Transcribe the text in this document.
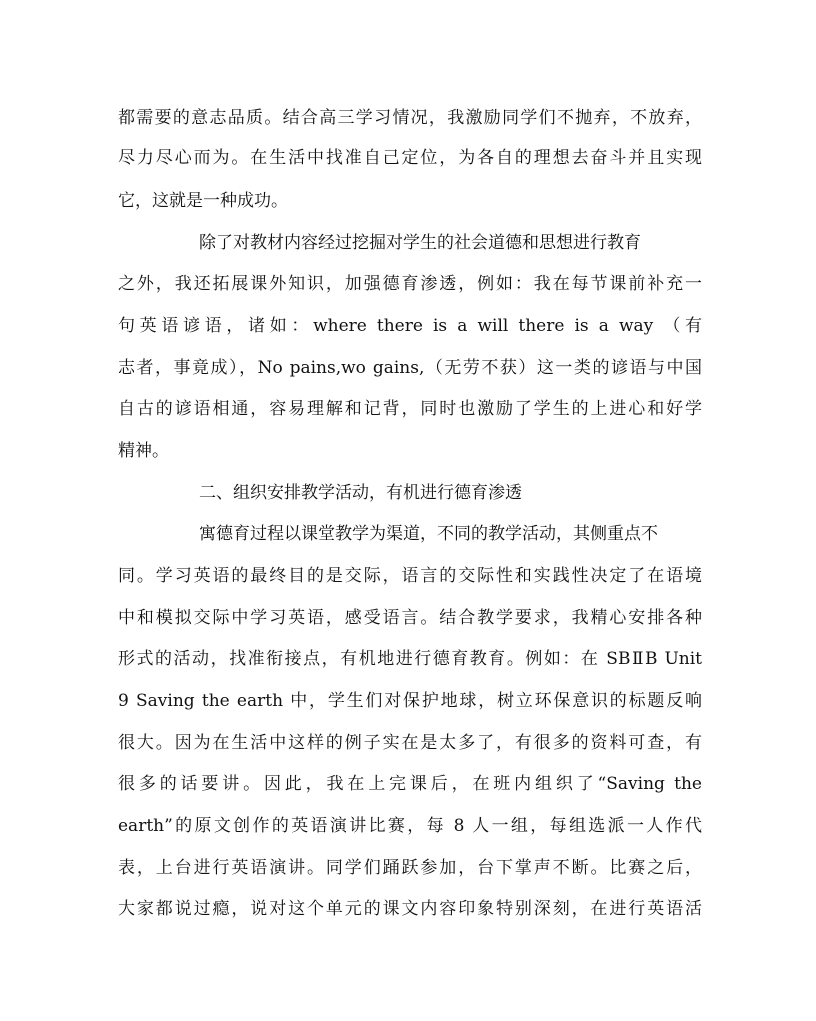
都需要的意志品质。结合高三学习情况，我激励同学们不抛弃，不放弃，
尽力尽心而为。在生活中找准自己定位，为各自的理想去奋斗并且实现
它，这就是一种成功。
除了对教材内容经过挖掘对学生的社会道德和思想进行教育
之外，我还拓展课外知识，加强德育渗透，例如：我在每节课前补充一
句英语谚语，诸如：where there is a will there is a way （有
志者，事竟成），No pains,wo gains,（无劳不获）这一类的谚语与中国
自古的谚语相通，容易理解和记背，同时也激励了学生的上进心和好学
精神。
二、组织安排教学活动，有机进行德育渗透
寓德育过程以课堂教学为渠道，不同的教学活动，其侧重点不
同。学习英语的最终目的是交际，语言的交际性和实践性决定了在语境
中和模拟交际中学习英语，感受语言。结合教学要求，我精心安排各种
形式的活动，找准衔接点，有机地进行德育教育。例如：在 SBⅡB Unit
9 Saving the earth 中，学生们对保护地球，树立环保意识的标题反响
很大。因为在生活中这样的例子实在是太多了，有很多的资料可查，有
很多的话要讲。因此，我在上完课后，在班内组织了“Saving the
earth”的原文创作的英语演讲比赛，每 8 人一组，每组选派一人作代
表，上台进行英语演讲。同学们踊跃参加，台下掌声不断。比赛之后，
大家都说过瘾，说对这个单元的课文内容印象特别深刻，在进行英语活
